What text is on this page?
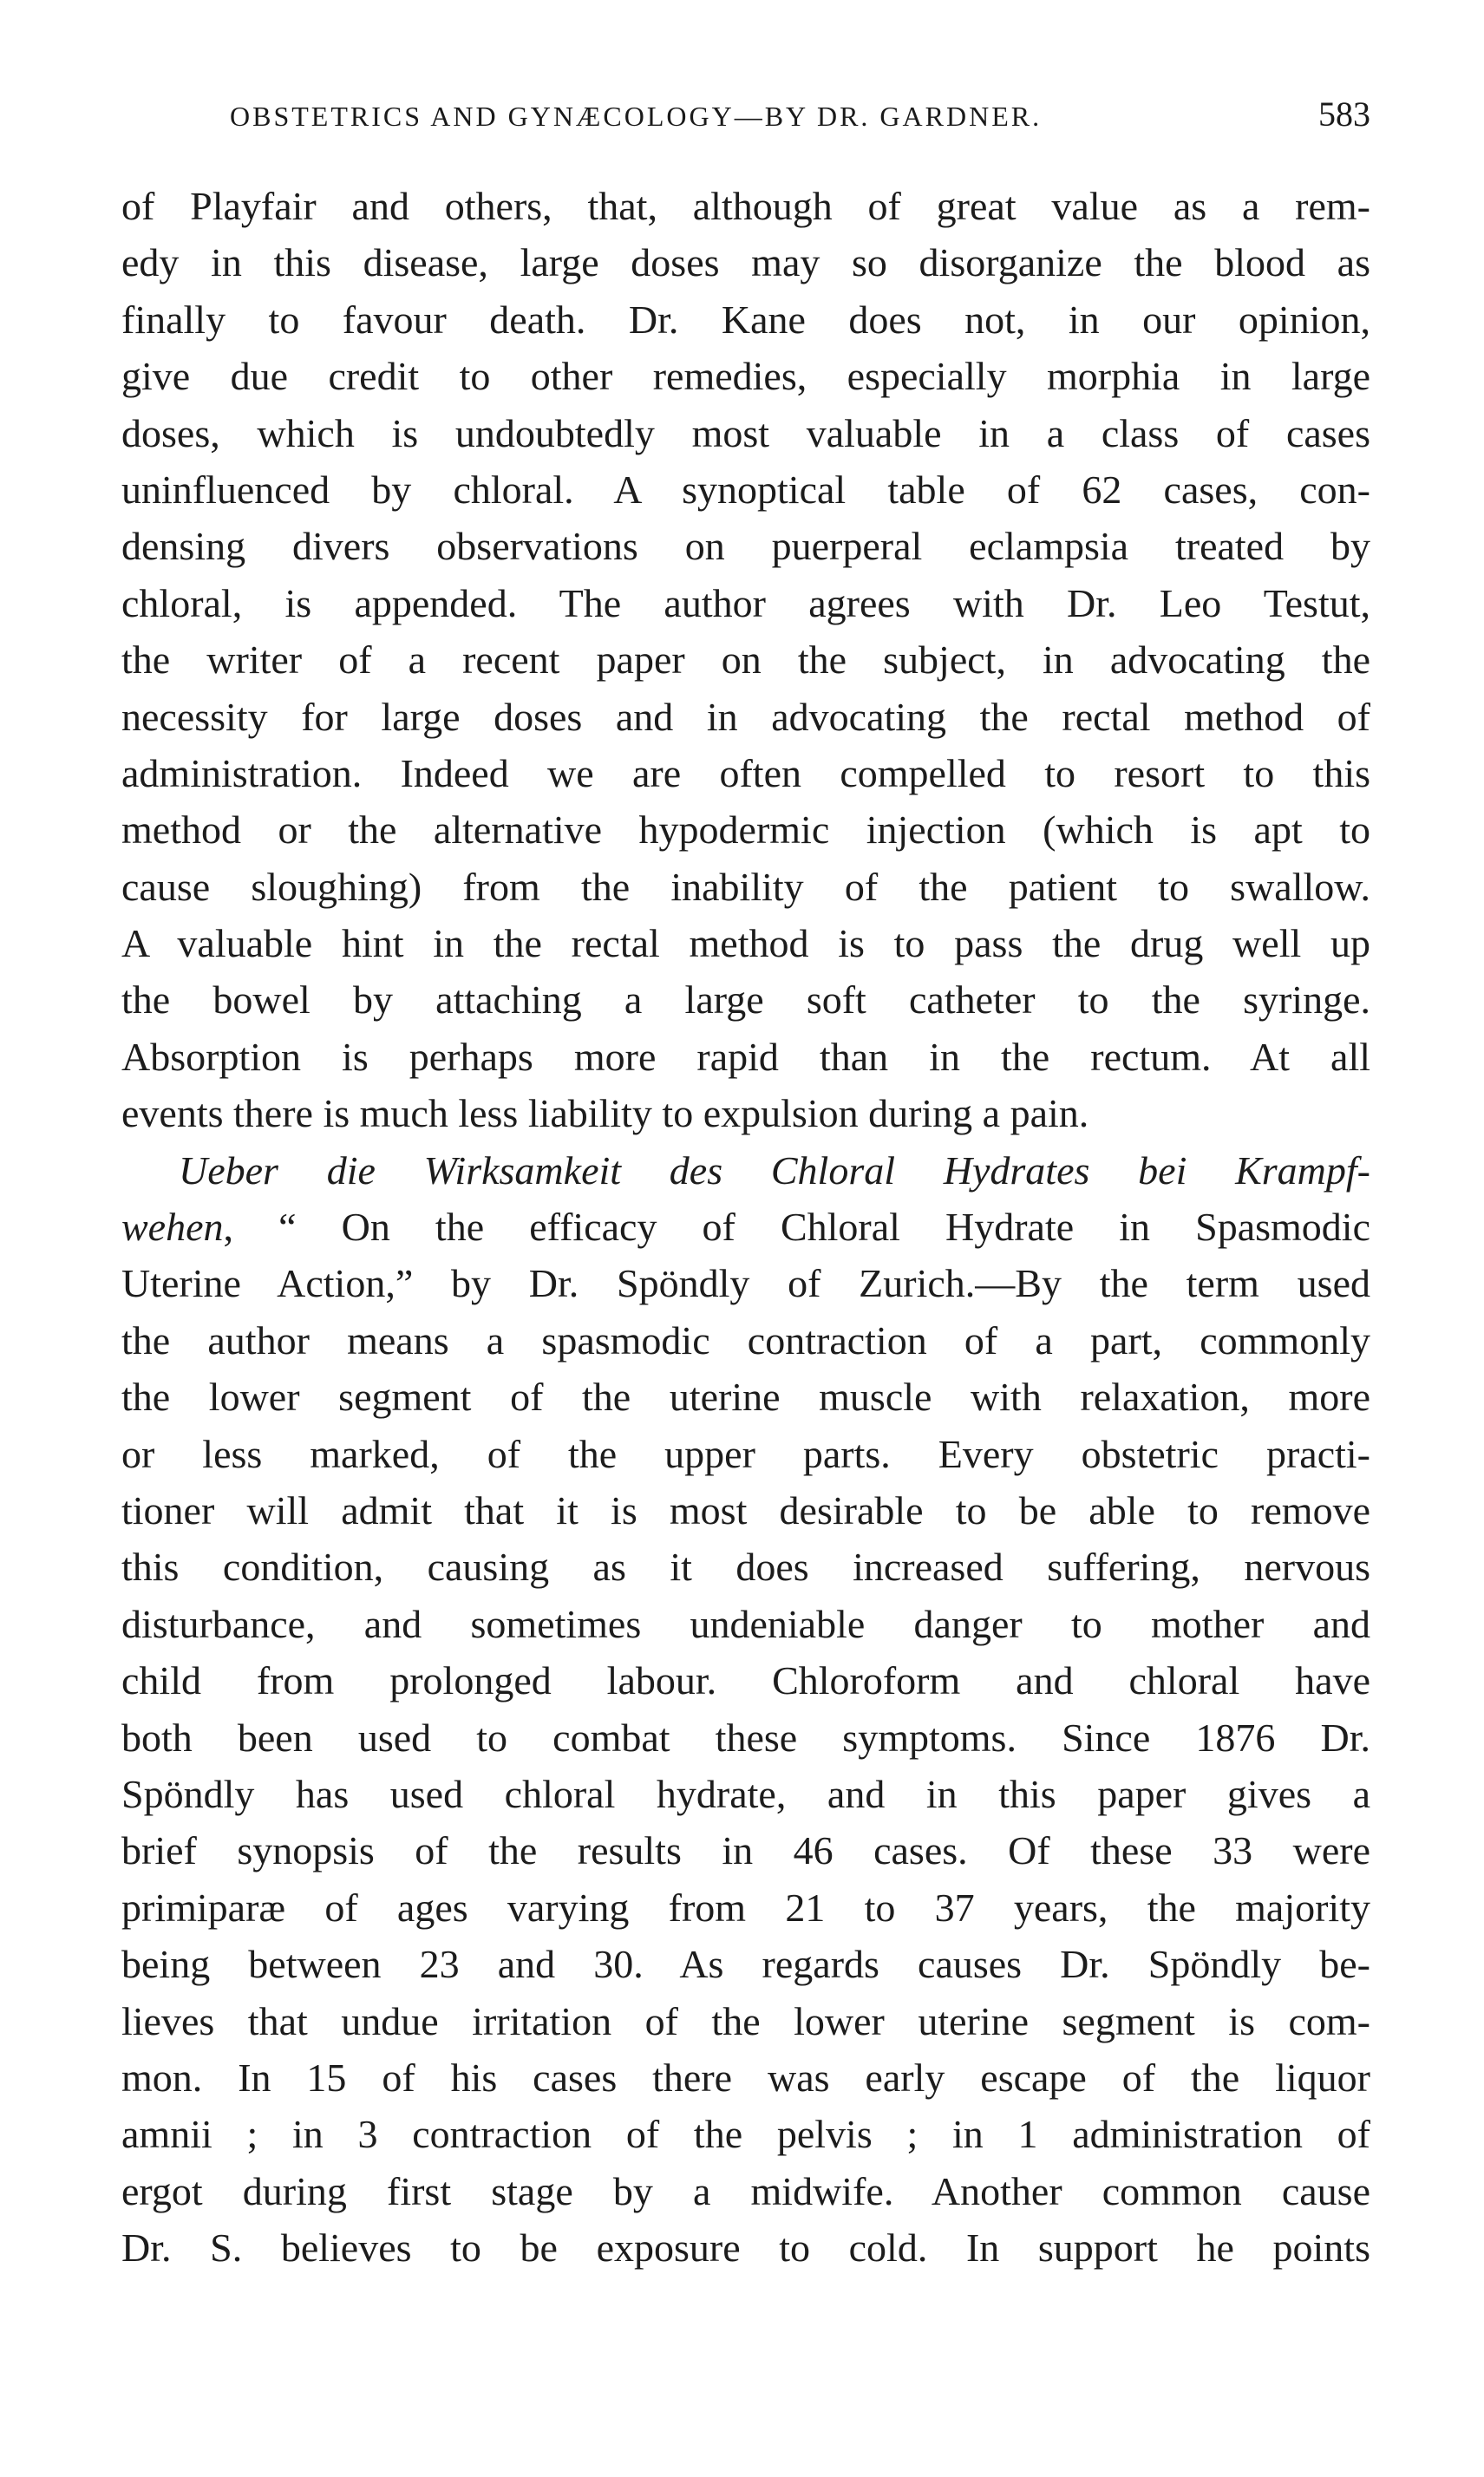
OBSTETRICS AND GYNÆCOLOGY—BY DR. GARDNER.	583
of Playfair and others, that, although of great value as a rem-
edy in this disease, large doses may so disorganize the blood as
finally to favour death. Dr. Kane does not, in our opinion,
give due credit to other remedies, especially morphia in large
doses, which is undoubtedly most valuable in a class of cases
uninfluenced by chloral. A synoptical table of 62 cases, con-
densing divers observations on puerperal eclampsia treated by
chloral, is appended. The author agrees with Dr. Leo Testut,
the writer of a recent paper on the subject, in advocating the
necessity for large doses and in advocating the rectal method of
administration. Indeed we are often compelled to resort to this
method or the alternative hypodermic injection (which is apt to
cause sloughing) from the inability of the patient to swallow.
A valuable hint in the rectal method is to pass the drug well up
the bowel by attaching a large soft catheter to the syringe.
Absorption is perhaps more rapid than in the rectum. At all
events there is much less liability to expulsion during a pain.
Ueber die Wirksamkeit des Chloral Hydrates bei Krampf-
wehen, “ On the efficacy of Chloral Hydrate in Spasmodic
Uterine Action,” by Dr. Spöndly of Zurich.—By the term used
the author means a spasmodic contraction of a part, commonly
the lower segment of the uterine muscle with relaxation, more
or less marked, of the upper parts. Every obstetric practi-
tioner will admit that it is most desirable to be able to remove
this condition, causing as it does increased suffering, nervous
disturbance, and sometimes undeniable danger to mother and
child from prolonged labour. Chloroform and chloral have
both been used to combat these symptoms. Since 1876 Dr.
Spöndly has used chloral hydrate, and in this paper gives a
brief synopsis of the results in 46 cases. Of these 33 were
primiparæ of ages varying from 21 to 37 years, the majority
being between 23 and 30. As regards causes Dr. Spöndly be-
lieves that undue irritation of the lower uterine segment is com-
mon. In 15 of his cases there was early escape of the liquor
amnii ; in 3 contraction of the pelvis ; in 1 administration of
ergot during first stage by a midwife. Another common cause
Dr. S. believes to be exposure to cold. In support he points
